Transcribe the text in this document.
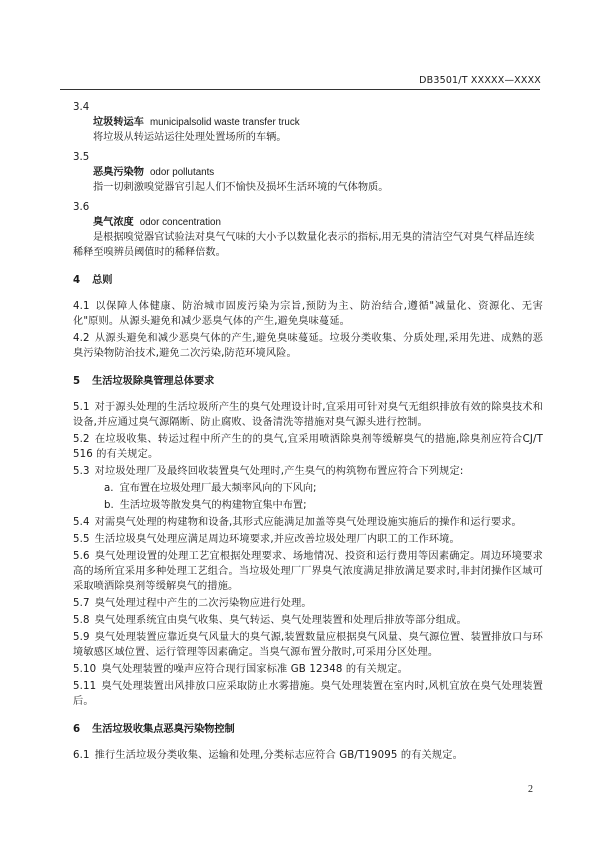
DB3501/T XXXXX—XXXX
3.4
垃圾转运车 municipalsolid waste transfer truck
将垃圾从转运站运往处理处置场所的车辆。
3.5
恶臭污染物 odor pollutants
指一切刺激嗅觉器官引起人们不愉快及损坏生活环境的气体物质。
3.6
臭气浓度 odor concentration
是根据嗅觉器官试验法对臭气气味的大小予以数量化表示的指标,用无臭的清洁空气对臭气样品连续稀释至嗅辨员阈值时的稀释倍数。
4 总则
4.1 以保障人体健康、防治城市固废污染为宗旨,预防为主、防治结合,遵循"减量化、资源化、无害化"原则。从源头避免和减少恶臭气体的产生,避免臭味蔓延。
4.2 从源头避免和减少恶臭气体的产生,避免臭味蔓延。垃圾分类收集、分质处理,采用先进、成熟的恶臭污染物防治技术,避免二次污染,防范环境风险。
5 生活垃圾除臭管理总体要求
5.1 对于源头处理的生活垃圾所产生的臭气处理设计时,宜采用可针对臭气无组织排放有效的除臭技术和设备,并应通过臭气源隔断、防止腐败、设备清洗等措施对臭气源头进行控制。
5.2 在垃圾收集、转运过程中所产生的的臭气,宜采用喷洒除臭剂等缓解臭气的措施,除臭剂应符合CJ/T 516 的有关规定。
5.3 对垃圾处理厂及最终回收装置臭气处理时,产生臭气的构筑物布置应符合下列规定:
a. 宜布置在垃圾处理厂最大频率风向的下风向;
b. 生活垃圾等散发臭气的构建物宜集中布置;
5.4 对需臭气处理的构建物和设备,其形式应能满足加盖等臭气处理设施实施后的操作和运行要求。
5.5 生活垃圾臭气处理应满足周边环境要求,并应改善垃圾处理厂内职工的工作环境。
5.6 臭气处理设置的处理工艺宜根据处理要求、场地情况、投资和运行费用等因素确定。周边环境要求高的场所宜采用多种处理工艺组合。当垃圾处理厂厂界臭气浓度满足排放满足要求时,非封闭操作区域可采取喷洒除臭剂等缓解臭气的措施。
5.7 臭气处理过程中产生的二次污染物应进行处理。
5.8 臭气处理系统宜由臭气收集、臭气转运、臭气处理装置和处理后排放等部分组成。
5.9 臭气处理装置应靠近臭气风量大的臭气源,装置数量应根据臭气风量、臭气源位置、装置排放口与环境敏感区域位置、运行管理等因素确定。当臭气源布置分散时,可采用分区处理。
5.10 臭气处理装置的噪声应符合现行国家标准 GB 12348 的有关规定。
5.11 臭气处理装置出风排放口应采取防止水雾措施。臭气处理装置在室内时,风机宜放在臭气处理装置后。
6 生活垃圾收集点恶臭污染物控制
6.1 推行生活垃圾分类收集、运输和处理,分类标志应符合 GB/T19095 的有关规定。
2
